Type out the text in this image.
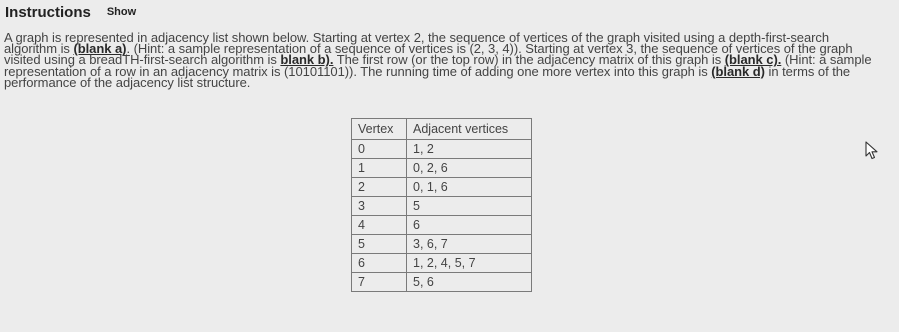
Instructions Show
A graph is represented in adjacency list shown below. Starting at vertex 2, the sequence of vertices of the graph visited using a depth-first-search algorithm is (blank a). (Hint: a sample representation of a sequence of vertices is (2, 3, 4)). Starting at vertex 3, the sequence of vertices of the graph visited using a breadTH-first-search algorithm is blank b). The first row (or the top row) in the adjacency matrix of this graph is (blank c). (Hint: a sample representation of a row in an adjacency matrix is (10101101)). The running time of adding one more vertex into this graph is (blank d) in terms of the performance of the adjacency list structure.
Vertex	Adjacent vertices
0	1, 2
1	0, 2, 6
2	0, 1, 6
3	5
4	6
5	3, 6, 7
6	1, 2, 4, 5, 7
7	5, 6
